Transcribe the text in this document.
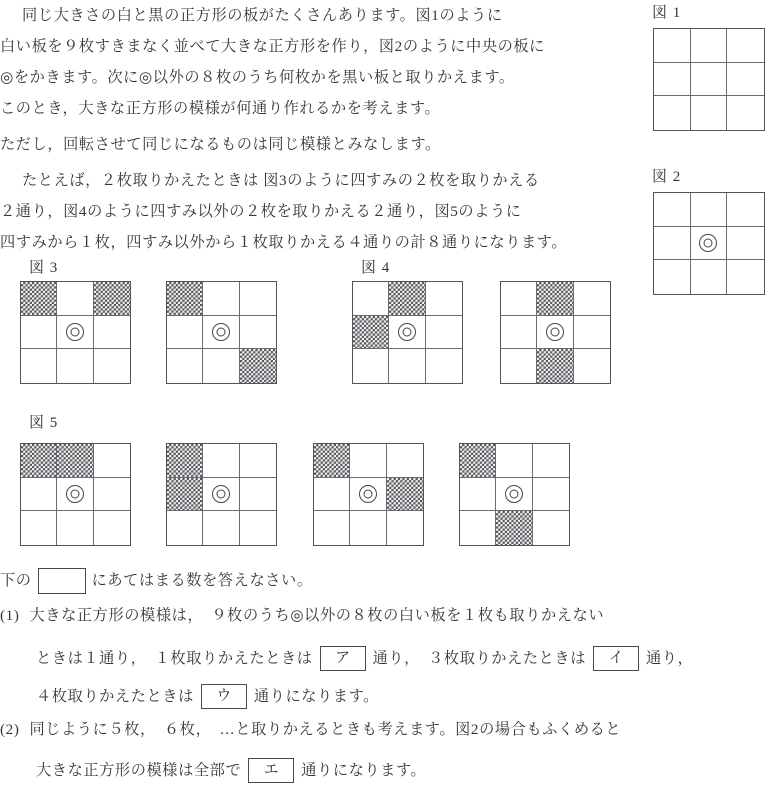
同じ大きさの白と黒の正方形の板がたくさんあります。図1のように
白い板を９枚すきまなく並べて大きな正方形を作り，図2のように中央の板に
◎をかきます。次に◎以外の８枚のうち何枚かを黒い板と取りかえます。
このとき，大きな正方形の模様が何通り作れるかを考えます。
ただし，回転させて同じになるものは同じ模様とみなします。
たとえば，２枚取りかえたときは 図3のように四すみの２枚を取りかえる
２通り，図4のように四すみ以外の２枚を取りかえる２通り，図5のように
四すみから１枚，四すみ以外から１枚取りかえる４通りの計８通りになります。
図 1
図 2
図 3	図 4
図 5
下の	にあてはまる数を答えなさい。
(1) 大きな正方形の模様は，　９枚のうち◎以外の８枚の白い板を１枚も取りかえない
ときは１通り，　１枚取りかえたときは	ア	通り，　３枚取りかえたときは	イ	通り，
４枚取りかえたときは	ウ	通りになります。
(2) 同じように５枚，　６枚，　…と取りかえるときも考えます。図2の場合もふくめると
大きな正方形の模様は全部で	エ	通りになります。
